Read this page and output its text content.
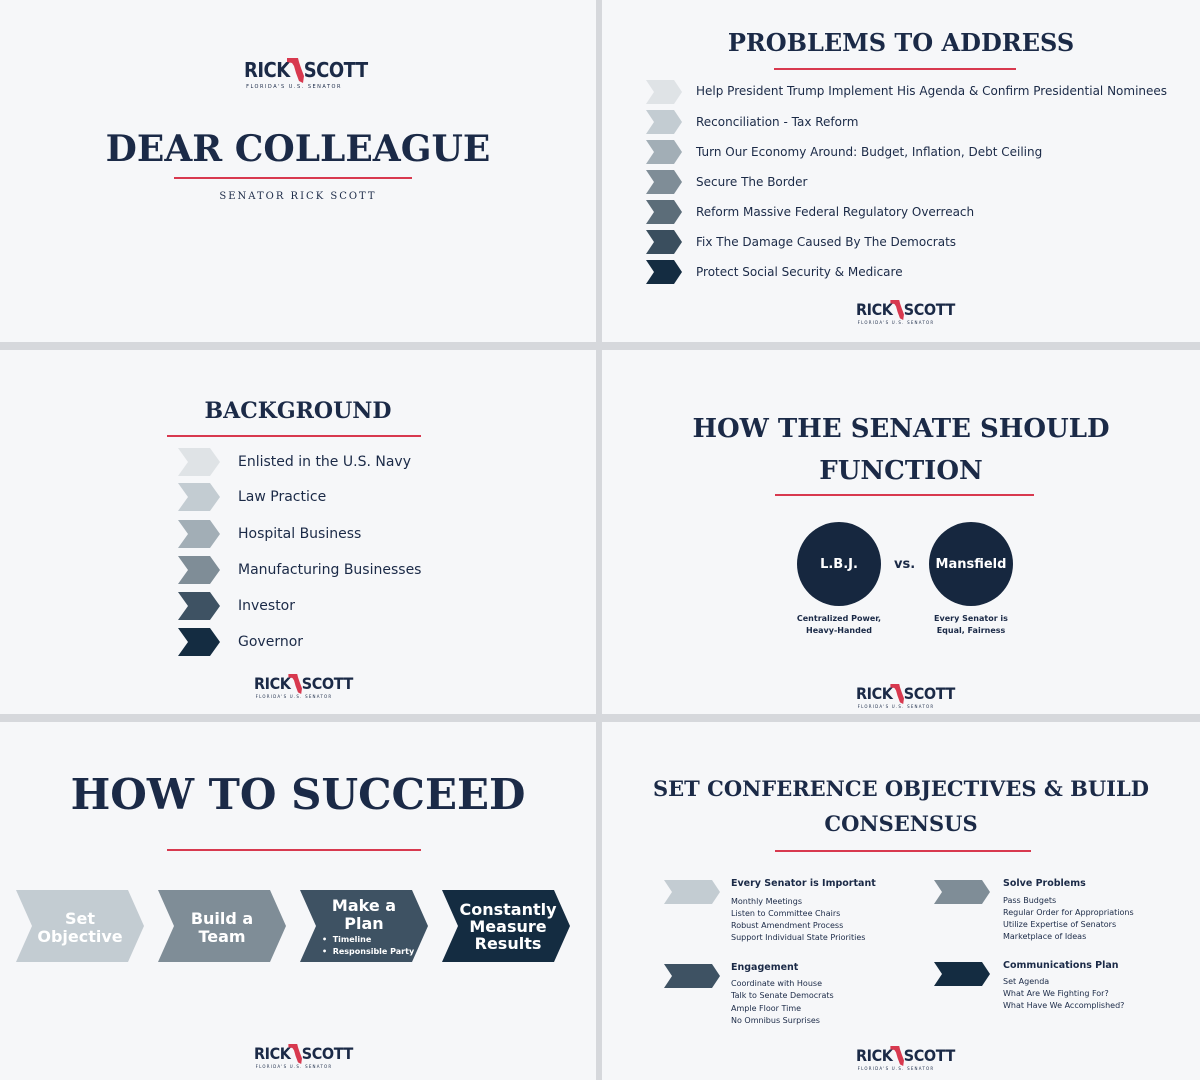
RICK SCOTT
FLORIDA'S U.S. SENATOR
DEAR COLLEAGUE
SENATOR RICK SCOTT
PROBLEMS TO ADDRESS
Help President Trump Implement His Agenda & Confirm Presidential Nominees
Reconciliation - Tax Reform
Turn Our Economy Around: Budget, Inflation, Debt Ceiling
Secure The Border
Reform Massive Federal Regulatory Overreach
Fix The Damage Caused By The Democrats
Protect Social Security & Medicare
RICK SCOTT
FLORIDA'S U.S. SENATOR
BACKGROUND
Enlisted in the U.S. Navy
Law Practice
Hospital Business
Manufacturing Businesses
Investor
Governor
RICK SCOTT
FLORIDA'S U.S. SENATOR
HOW THE SENATE SHOULD
FUNCTION
L.B.J.	vs.	Mansfield
Centralized Power,
Heavy-Handed
Every Senator is
Equal, Fairness
RICK SCOTT
FLORIDA'S U.S. SENATOR
HOW TO SUCCEED
Set
Objective
Build a
Team
Make a
Plan
•  Timeline
•  Responsible Party
Constantly
Measure
Results
RICK SCOTT
FLORIDA'S U.S. SENATOR
SET CONFERENCE OBJECTIVES & BUILD
CONSENSUS
Every Senator is Important
Monthly Meetings
Listen to Committee Chairs
Robust Amendment Process
Support Individual State Priorities
Solve Problems
Pass Budgets
Regular Order for Appropriations
Utilize Expertise of Senators
Marketplace of Ideas
Engagement
Coordinate with House
Talk to Senate Democrats
Ample Floor Time
No Omnibus Surprises
Communications Plan
Set Agenda
What Are We Fighting For?
What Have We Accomplished?
RICK SCOTT
FLORIDA'S U.S. SENATOR
